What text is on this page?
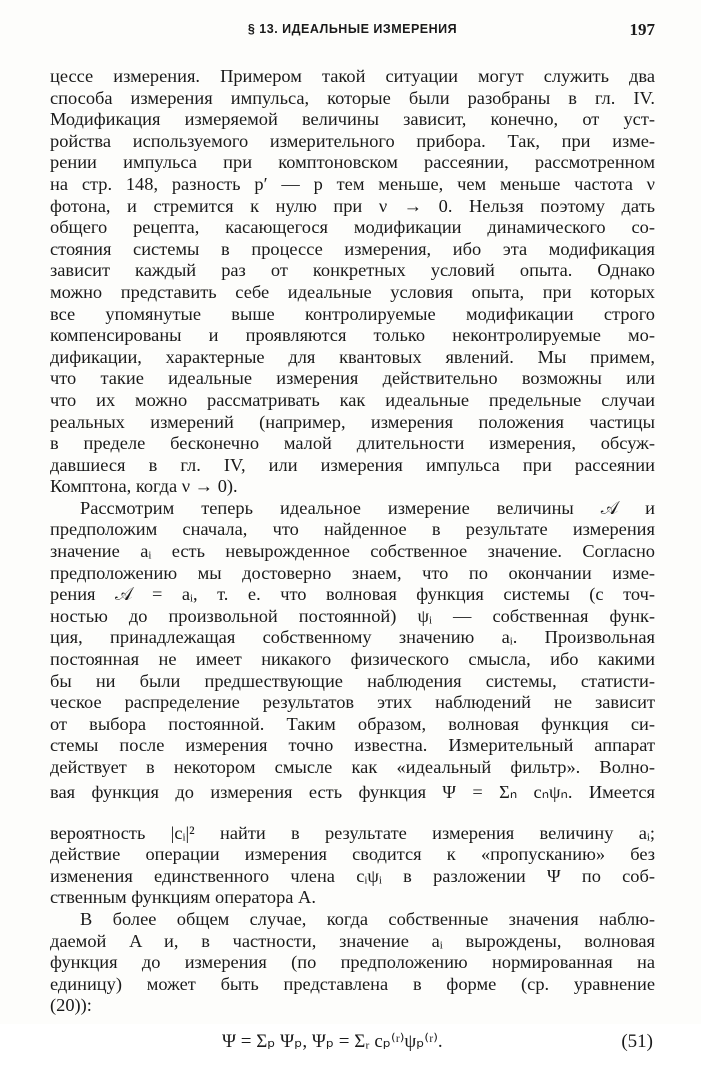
§ 13. ИДЕАЛЬНЫЕ ИЗМЕРЕНИЯ	197
цессе измерения. Примером такой ситуации могут служить два
способа измерения импульса, которые были разобраны в гл. IV.
Модификация измеряемой величины зависит, конечно, от уст-
ройства используемого измерительного прибора. Так, при изме-
рении импульса при комптоновском рассеянии, рассмотренном
на стр. 148, разность p′ — p тем меньше, чем меньше частота ν
фотона, и стремится к нулю при ν → 0. Нельзя поэтому дать
общего рецепта, касающегося модификации динамического со-
стояния системы в процессе измерения, ибо эта модификация
зависит каждый раз от конкретных условий опыта. Однако
можно представить себе идеальные условия опыта, при которых
все упомянутые выше контролируемые модификации строго
компенсированы и проявляются только неконтролируемые мо-
дификации, характерные для квантовых явлений. Мы примем,
что такие идеальные измерения действительно возможны или
что их можно рассматривать как идеальные предельные случаи
реальных измерений (например, измерения положения частицы
в пределе бесконечно малой длительности измерения, обсуж-
давшиеся в гл. IV, или измерения импульса при рассеянии
Комптона, когда ν → 0).
Рассмотрим теперь идеальное измерение величины 𝒜 и
предположим сначала, что найденное в результате измерения
значение aᵢ есть невырожденное собственное значение. Согласно
предположению мы достоверно знаем, что по окончании изме-
рения 𝒜 = aᵢ, т. е. что волновая функция системы (с точ-
ностью до произвольной постоянной) ψᵢ — собственная функ-
ция, принадлежащая собственному значению aᵢ. Произвольная
постоянная не имеет никакого физического смысла, ибо какими
бы ни были предшествующие наблюдения системы, статисти-
ческое распределение результатов этих наблюдений не зависит
от выбора постоянной. Таким образом, волновая функция си-
стемы после измерения точно известна. Измерительный аппарат
действует в некотором смысле как «идеальный фильтр». Волно-
вая функция до измерения есть функция Ψ = Σₙ cₙψₙ. Имеется
вероятность |cᵢ|² найти в результате измерения величину aᵢ;
действие операции измерения сводится к «пропусканию» без
изменения единственного члена cᵢψᵢ в разложении Ψ по соб-
ственным функциям оператора A.
В более общем случае, когда собственные значения наблю-
даемой A и, в частности, значение aᵢ вырождены, волновая
функция до измерения (по предположению нормированная на
единицу) может быть представлена в форме (ср. уравнение
(20)):
Ψ = Σₚ Ψₚ, Ψₚ = Σᵣ cₚ⁽ʳ⁾ψₚ⁽ʳ⁾.	(51)
